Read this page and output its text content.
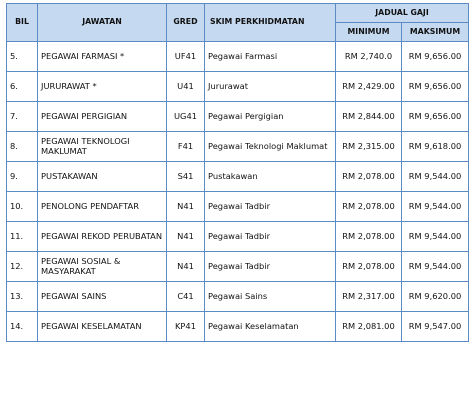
BIL	JAWATAN	GRED	SKIM PERKHIDMATAN	JADUAL GAJI	
				MINIMUM	MAKSIMUM
5.	PEGAWAI FARMASI *	UF41	Pegawai Farmasi	RM 2,740.0	RM 9,656.00
6.	JURURAWAT *	U41	Jururawat	RM 2,429.00	RM 9,656.00
7.	PEGAWAI PERGIGIAN	UG41	Pegawai Pergigian	RM 2,844.00	RM 9,656.00
8.	PEGAWAI TEKNOLOGI MAKLUMAT	F41	Pegawai Teknologi Maklumat	RM 2,315.00	RM 9,618.00
9.	PUSTAKAWAN	S41	Pustakawan	RM 2,078.00	RM 9,544.00
10.	PENOLONG PENDAFTAR	N41	Pegawai Tadbir	RM 2,078.00	RM 9,544.00
11.	PEGAWAI REKOD PERUBATAN	N41	Pegawai Tadbir	RM 2,078.00	RM 9,544.00
12.	PEGAWAI SOSIAL & MASYARAKAT	N41	Pegawai Tadbir	RM 2,078.00	RM 9,544.00
13.	PEGAWAI SAINS	C41	Pegawai Sains	RM 2,317.00	RM 9,620.00
14.	PEGAWAI KESELAMATAN	KP41	Pegawai Keselamatan	RM 2,081.00	RM 9,547.00
